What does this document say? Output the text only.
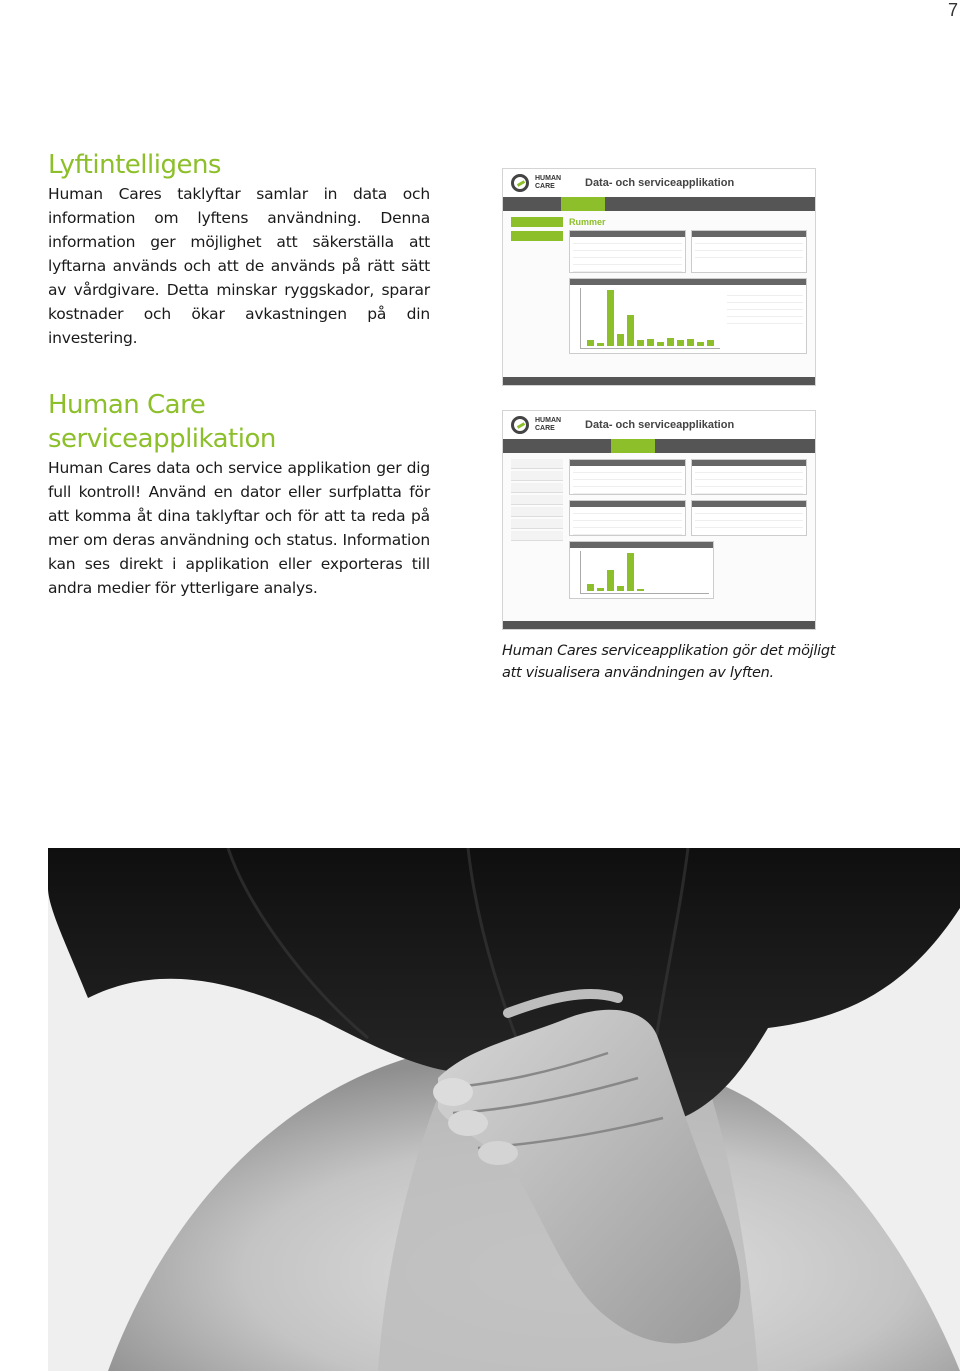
7
Lyftintelligens

Human Cares taklyftar samlar in data och information om lyftens användning. Denna information ger möjlighet att säkerställa att lyftarna används och att de används på rätt sätt av vårdgivare. Detta minskar ryggskador, sparar kostnader och ökar avkastningen på din investering.

Human Care serviceapplikation

Human Cares data och service applikation ger dig full kontroll! Använd en dator eller surfplatta för att komma åt dina taklyftar och för att ta reda på mer om deras användning och status. Information kan ses direkt i applikation eller exporteras till andra medier för ytterligare analys.

HUMAN CARE	Data- och serviceapplikation
Rummer
HUMAN CARE	Data- och serviceapplikation
Human Cares serviceapplikation gör det möjligt att visualisera användningen av lyften.
